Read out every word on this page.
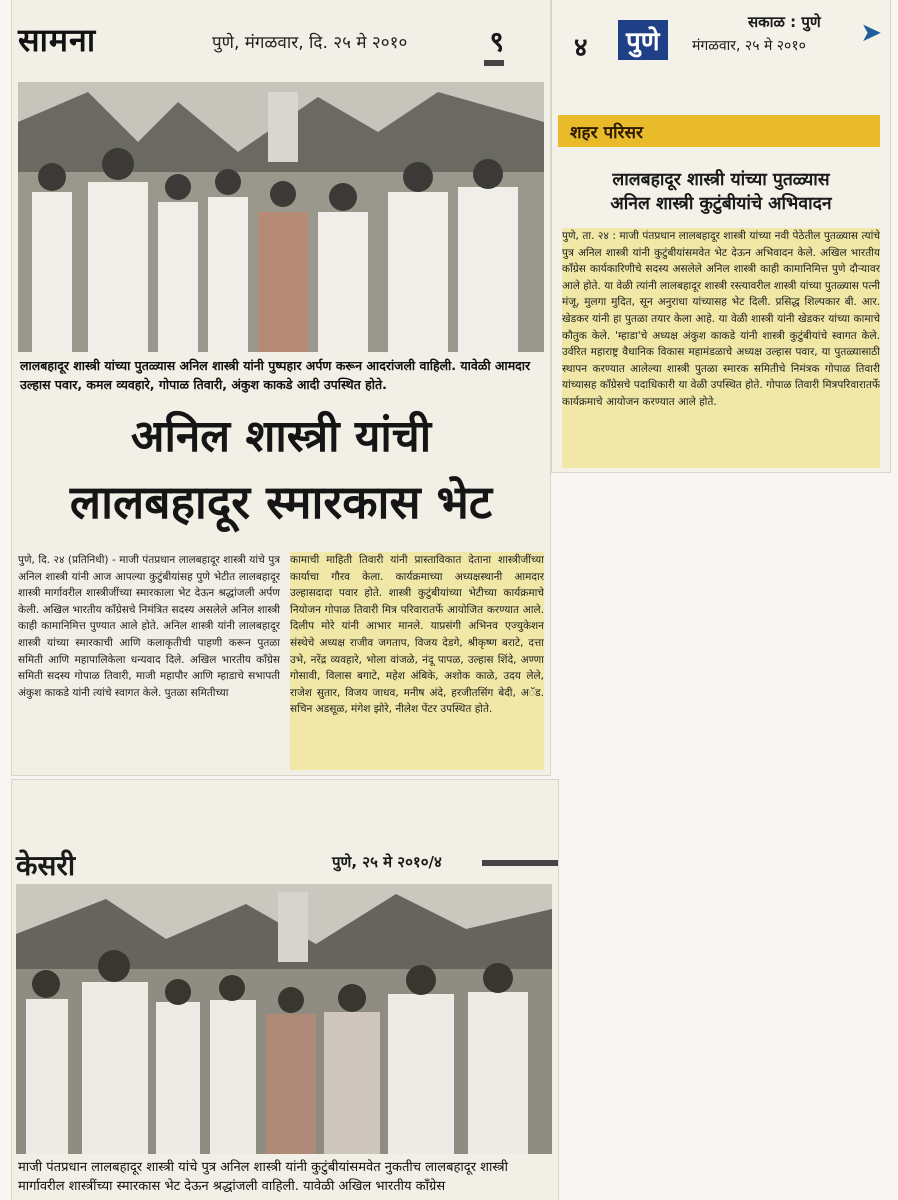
सामना	पुणे, मंगळवार, दि. २५ मे २०१०	९
लालबहादूर शास्त्री यांच्या पुतळ्यास अनिल शास्त्री यांनी पुष्पहार अर्पण करून आदरांजली वाहिली. यावेळी आमदार उल्हास पवार, कमल व्यवहारे, गोपाळ तिवारी, अंकुश काकडे आदी उपस्थित होते.
अनिल शास्त्री यांची
लालबहादूर स्मारकास भेट
पुणे, दि. २४ (प्रतिनिधी) - माजी पंतप्रधान लालबहादूर शास्त्री यांचे पुत्र अनिल शास्त्री यांनी आज आपल्या कुटुंबीयांसह पुणे भेटीत लालबहादूर शास्त्री मार्गावरील शास्त्रीजींच्या स्मारकाला भेट देऊन श्रद्धांजली अर्पण केली. अखिल भारतीय काँग्रेसचे निमंत्रित सदस्य असलेले अनिल शास्त्री काही कामानिमित्त पुण्यात आले होते. अनिल शास्त्री यांनी लालबहादूर शास्त्री यांच्या स्मारकाची आणि कलाकृतीची पाहणी करून पुतळा समिती आणि महापालिकेला धन्यवाद दिले. अखिल भारतीय काँग्रेस समिती सदस्य गोपाळ तिवारी, माजी महापौर आणि म्हाडाचे सभापती अंकुश काकडे यांनी त्यांचे स्वागत केले. पुतळा समितीच्या
कामाची माहिती तिवारी यांनी प्रास्ताविकात देताना शास्त्रीजींच्या कार्याचा गौरव केला. कार्यक्रमाच्या अध्यक्षस्थानी आमदार उल्हासदादा पवार होते. शास्त्री कुटुंबीयांच्या भेटीच्या कार्यक्रमाचे नियोजन गोपाळ तिवारी मित्र परिवारातर्फे आयोजित करण्यात आले. दिलीप मोरे यांनी आभार मानले. याप्रसंगी अभिनव एज्युकेशन संस्थेचे अध्यक्ष राजीव जगताप, विजय देडगे, श्रीकृष्ण बराटे, दत्ता उभे, नरेंद्र व्यवहारे, भोला वांजळे, नंदू पापळ, उल्हास शिंदे, अण्णा गोसावी, विलास बगाटे, महेश अंबिके, अशोक काळे, उदय लेले, राजेश सुतार, विजय जाधव, मनीष अंदे, हरजीतसिंग बेदी, अॅड. सचिन अडसूळ, मंगेश झोरे, नीलेश पेंटर उपस्थित होते.
४	पुणे
सकाळ : पुणे
मंगळवार, २५ मे २०१० ➤
शहर परिसर
लालबहादूर शास्त्री यांच्या पुतळ्यास
अनिल शास्त्री कुटुंबीयांचे अभिवादन
पुणे, ता. २४ : माजी पंतप्रधान लालबहादूर शास्त्री यांच्या नवी पेठेतील पुतळ्यास त्यांचे पुत्र अनिल शास्त्री यांनी कुटुंबीयांसमवेत भेट देऊन अभिवादन केले. अखिल भारतीय काँग्रेस कार्यकारिणीचे सदस्य असलेले अनिल शास्त्री काही कामानिमित्त पुणे दौऱ्यावर आले होते. या वेळी त्यांनी लालबहादूर शास्त्री रस्त्यावरील शास्त्री यांच्या पुतळ्यास पत्नी मंजू, मुलगा मुदित, सून अनुराधा यांच्यासह भेट दिली. प्रसिद्ध शिल्पकार बी. आर. खेडकर यांनी हा पुतळा तयार केला आहे. या वेळी शास्त्री यांनी खेडकर यांच्या कामाचे कौतुक केले. 'म्हाडा'चे अध्यक्ष अंकुश काकडे यांनी शास्त्री कुटुंबीयांचे स्वागत केले. उर्वरित महाराष्ट्र वैधानिक विकास महामंडळाचे अध्यक्ष उल्हास पवार, या पुतळ्यासाठी स्थापन करण्यात आलेल्या शास्त्री पुतळा स्मारक समितीचे निमंत्रक गोपाळ तिवारी यांच्यासह काँग्रेसचे पदाधिकारी या वेळी उपस्थित होते. गोपाळ तिवारी मित्रपरिवारातर्फे कार्यक्रमाचे आयोजन करण्यात आले होते.
केसरी	पुणे, २५ मे २०१०/४
माजी पंतप्रधान लालबहादूर शास्त्री यांचे पुत्र अनिल शास्त्री यांनी कुटुंबीयांसमवेत नुकतीच लालबहादूर शास्त्री मार्गावरील शास्त्रींच्या स्मारकास भेट देऊन श्रद्धांजली वाहिली. यावेळी अखिल भारतीय काँग्रेस
